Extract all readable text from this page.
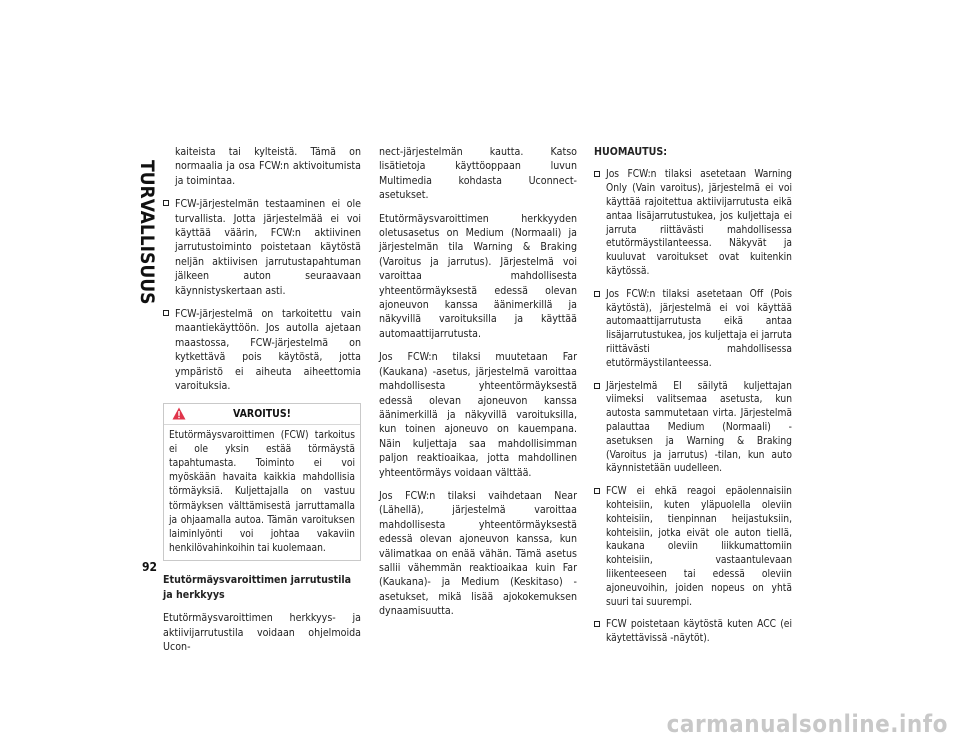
TURVALLISUUS
92
kaiteista tai kylteistä. Tämä on normaalia ja osa FCW:n aktivoitumista ja toimintaa.
FCW-järjestelmän testaaminen ei ole turvallista. Jotta järjestelmää ei voi käyttää väärin, FCW:n aktiivinen jarrutustoiminto poistetaan käytöstä neljän aktiivisen jarrutustapahtuman jälkeen auton seuraavaan käynnistyskertaan asti.
FCW-järjestelmä on tarkoitettu vain maantiekäyttöön. Jos autolla ajetaan maastossa, FCW-järjestelmä on kytkettävä pois käytöstä, jotta ympäristö ei aiheuta aiheettomia varoituksia.
VAROITUS!
Etutörmäysvaroittimen (FCW) tarkoitus ei ole yksin estää törmäystä tapahtumasta. Toiminto ei voi myöskään havaita kaikkia mahdollisia törmäyksiä. Kuljettajalla on vastuu törmäyksen välttämisestä jarruttamalla ja ohjaamalla autoa. Tämän varoituksen laiminlyönti voi johtaa vakaviin henkilövahinkoihin tai kuolemaan.
Etutörmäysvaroittimen jarrutustila ja herkkyys

Etutörmäysvaroittimen herkkyys- ja aktiivijarrutustila voidaan ohjelmoida Ucon-

nect-järjestelmän kautta. Katso lisätietoja käyttöoppaan luvun Multimedia kohdasta Uconnect-asetukset.

Etutörmäysvaroittimen herkkyyden oletusasetus on Medium (Normaali) ja järjestelmän tila Warning & Braking (Varoitus ja jarrutus). Järjestelmä voi varoittaa mahdollisesta yhteentörmäyksestä edessä olevan ajoneuvon kanssa äänimerkillä ja näkyvillä varoituksilla ja käyttää automaattijarrutusta.

Jos FCW:n tilaksi muutetaan Far (Kaukana) -asetus, järjestelmä varoittaa mahdollisesta yhteentörmäyksestä edessä olevan ajoneuvon kanssa äänimerkillä ja näkyvillä varoituksilla, kun toinen ajoneuvo on kauempana. Näin kuljettaja saa mahdollisimman paljon reaktioaikaa, jotta mahdollinen yhteentörmäys voidaan välttää.

Jos FCW:n tilaksi vaihdetaan Near (Lähellä), järjestelmä varoittaa mahdollisesta yhteentörmäyksestä edessä olevan ajoneuvon kanssa, kun välimatkaa on enää vähän. Tämä asetus sallii vähemmän reaktioaikaa kuin Far (Kaukana)- ja Medium (Keskitaso) -asetukset, mikä lisää ajokokemuksen dynaamisuutta.

HUOMAUTUS:
Jos FCW:n tilaksi asetetaan Warning Only (Vain varoitus), järjestelmä ei voi käyttää rajoitettua aktiivijarrutusta eikä antaa lisäjarrutustukea, jos kuljettaja ei jarruta riittävästi mahdollisessa etutörmäystilanteessa. Näkyvät ja kuuluvat varoitukset ovat kuitenkin käytössä.
Jos FCW:n tilaksi asetetaan Off (Pois käytöstä), järjestelmä ei voi käyttää automaattijarrutusta eikä antaa lisäjarrutustukea, jos kuljettaja ei jarruta riittävästi mahdollisessa etutörmäystilanteessa.
Järjestelmä EI säilytä kuljettajan viimeksi valitsemaa asetusta, kun autosta sammutetaan virta. Järjestelmä palauttaa Medium (Normaali) -asetuksen ja Warning & Braking (Varoitus ja jarrutus) -tilan, kun auto käynnistetään uudelleen.
FCW ei ehkä reagoi epäolennaisiin kohteisiin, kuten yläpuolella oleviin kohteisiin, tienpinnan heijastuksiin, kohteisiin, jotka eivät ole auton tiellä, kaukana oleviin liikkumattomiin kohteisiin, vastaantulevaan liikenteeseen tai edessä oleviin ajoneuvoihin, joiden nopeus on yhtä suuri tai suurempi.
FCW poistetaan käytöstä kuten ACC (ei käytettävissä -näytöt).
carmanualsonline.info
